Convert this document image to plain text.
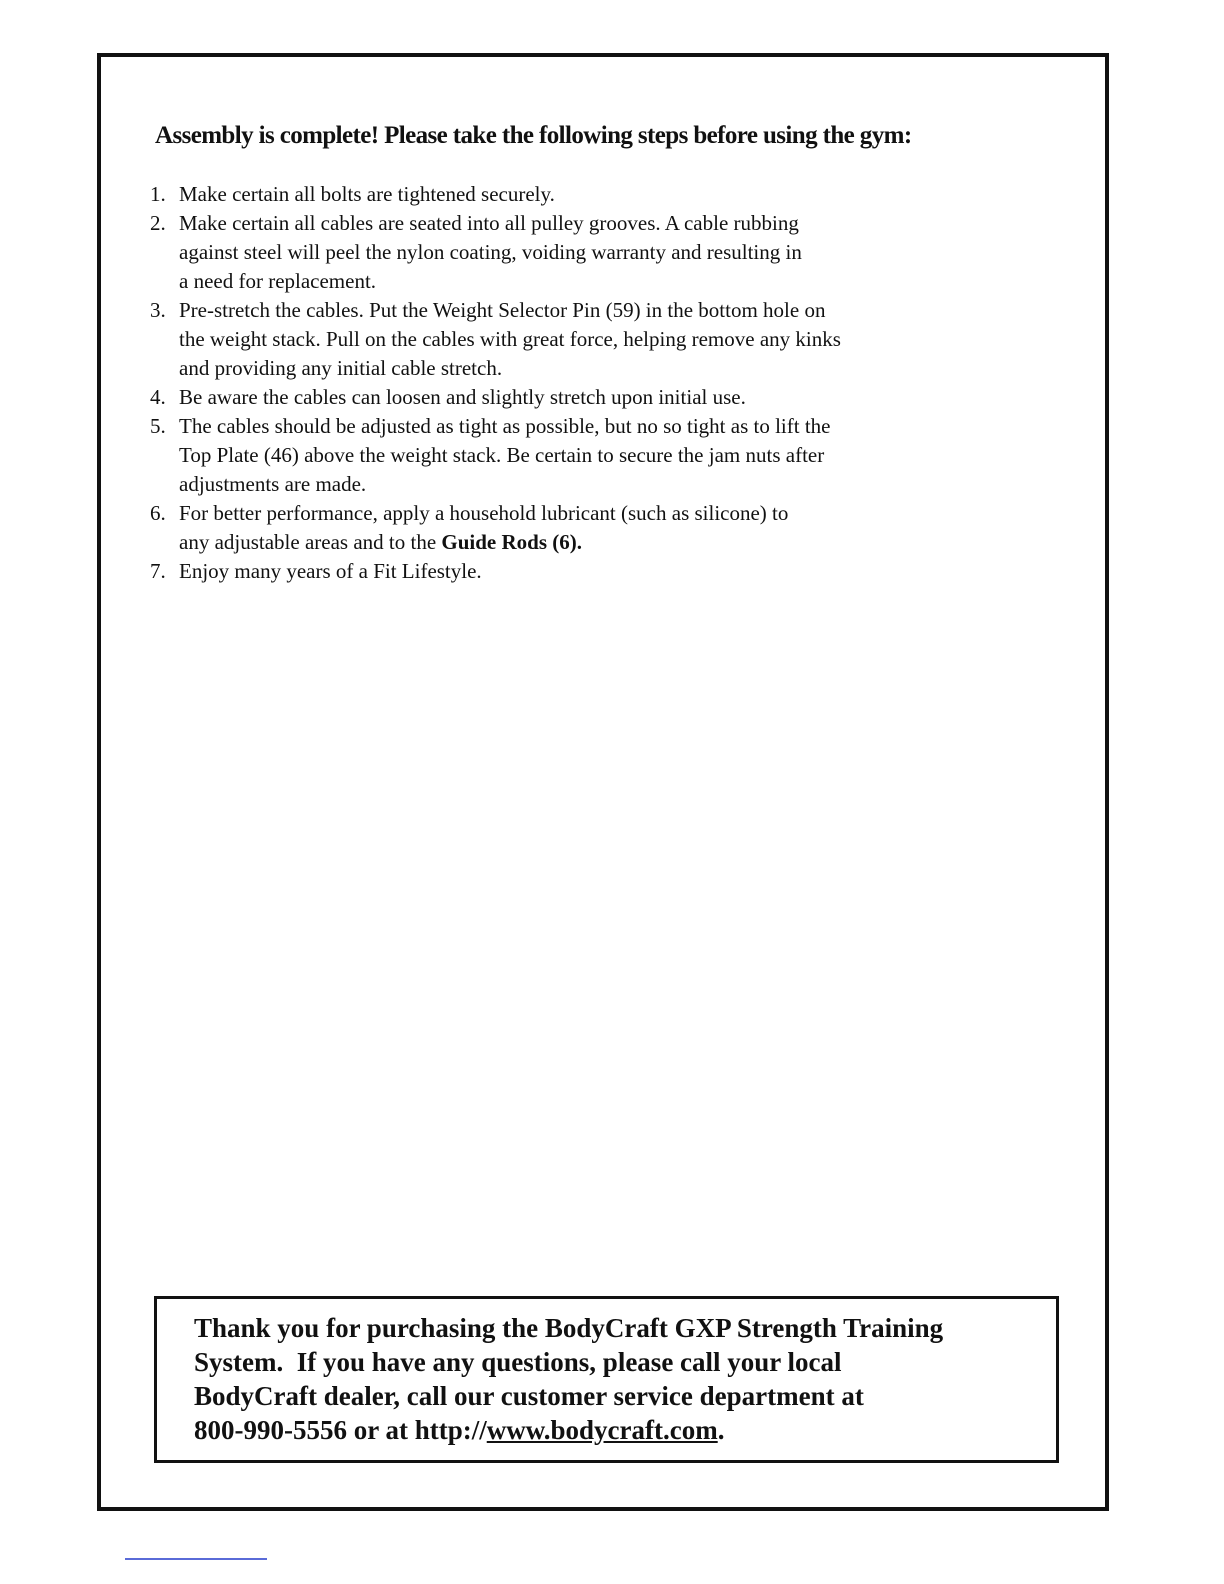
Assembly is complete! Please take the following steps before using the gym:
1. Make certain all bolts are tightened securely.
2. Make certain all cables are seated into all pulley grooves. A cable rubbing
against steel will peel the nylon coating, voiding warranty and resulting in
a need for replacement.
3. Pre-stretch the cables. Put the Weight Selector Pin (59) in the bottom hole on
the weight stack. Pull on the cables with great force, helping remove any kinks
and providing any initial cable stretch.
4. Be aware the cables can loosen and slightly stretch upon initial use.
5. The cables should be adjusted as tight as possible, but no so tight as to lift the
Top Plate (46) above the weight stack. Be certain to secure the jam nuts after
adjustments are made.
6. For better performance, apply a household lubricant (such as silicone) to
any adjustable areas and to the Guide Rods (6).
7. Enjoy many years of a Fit Lifestyle.

Thank you for purchasing the BodyCraft GXP Strength Training
System.  If you have any questions, please call your local
BodyCraft dealer, call our customer service department at
800-990-5556 or at http://www.bodycraft.com.
